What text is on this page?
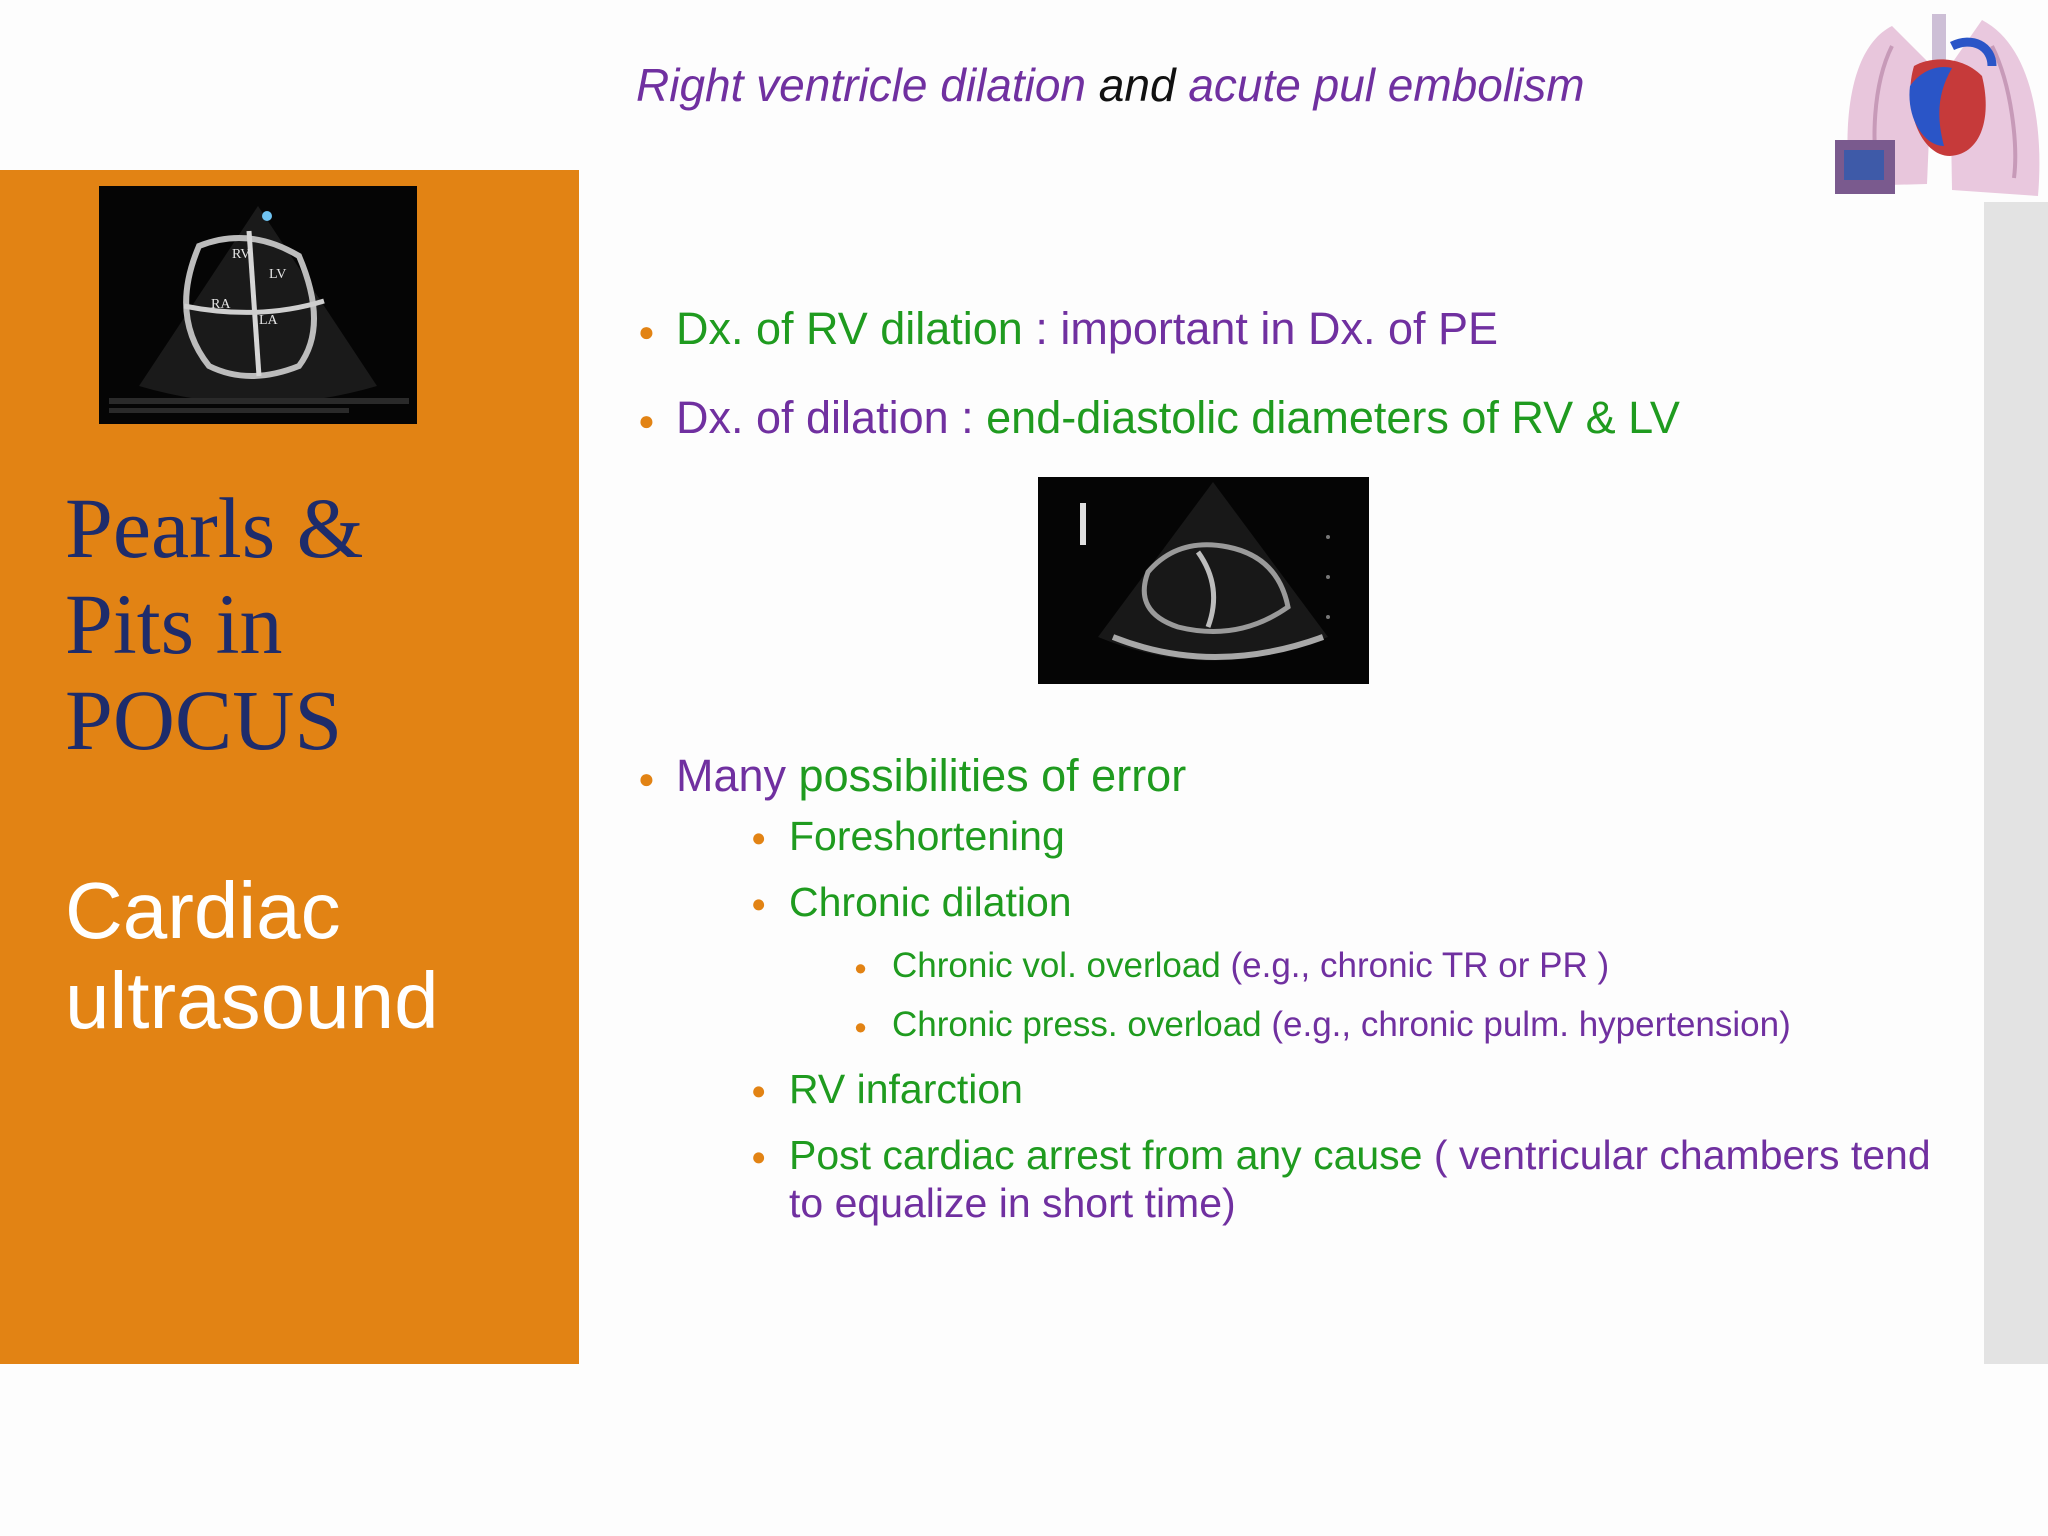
Right ventricle dilation and acute pul embolism
RV
RA
LA
LV
Pearls &
Pits in
POCUS
Cardiac
ultrasound
● Dx. of RV dilation : important in Dx. of PE
● Dx. of dilation : end-diastolic diameters of RV & LV
● Many possibilities of error
● Foreshortening
● Chronic dilation
● Chronic vol. overload (e.g., chronic TR or PR )
● Chronic press. overload (e.g., chronic pulm. hypertension)
● RV infarction
● Post cardiac arrest from any cause ( ventricular chambers tend
to equalize in short time)
